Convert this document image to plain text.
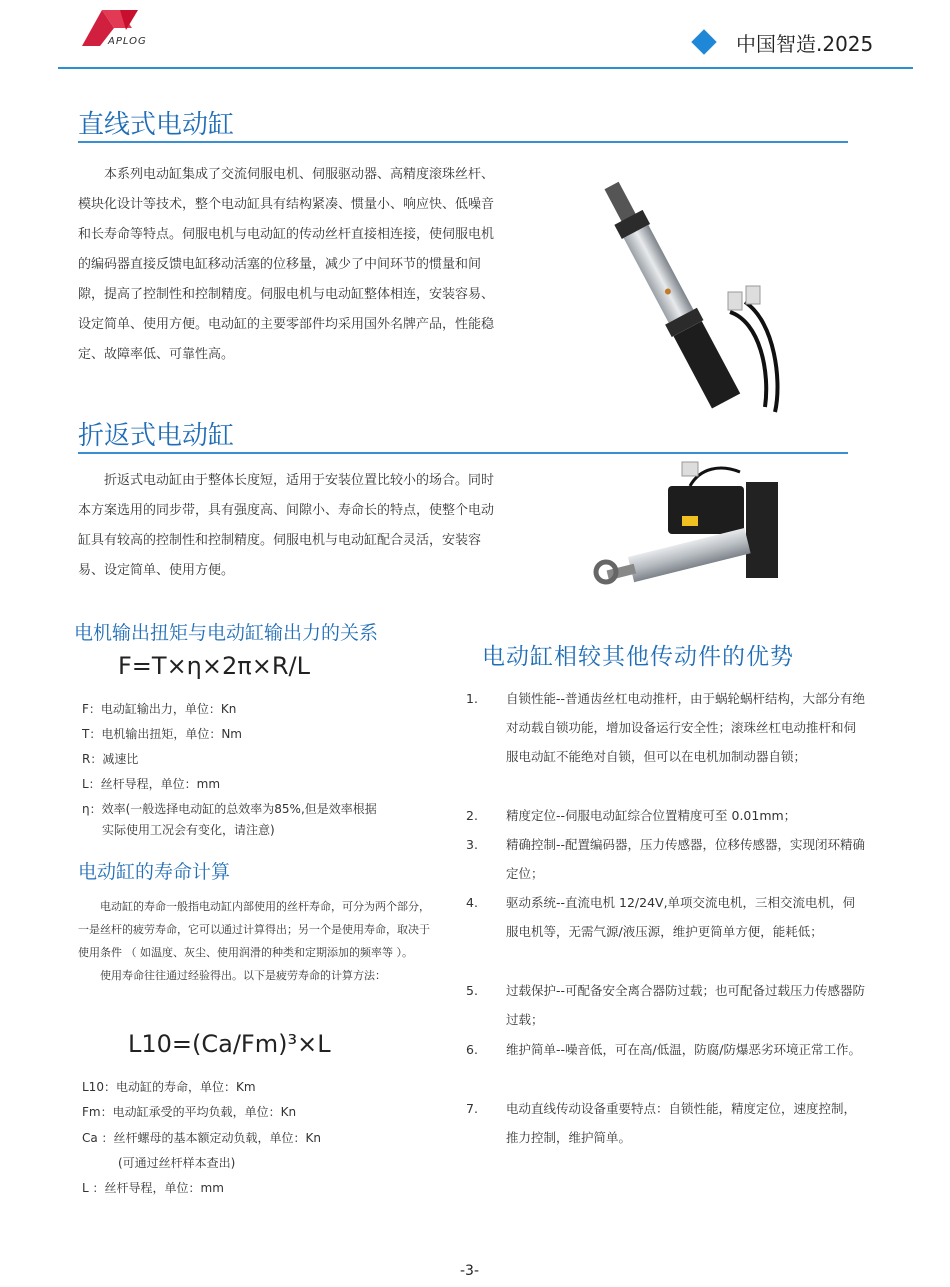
APLOG	中国智造.2025
直线式电动缸

本系列电动缸集成了交流伺服电机、伺服驱动器、高精度滚珠丝杆、模块化设计等技术，整个电动缸具有结构紧凑、惯量小、响应快、低噪音和长寿命等特点。伺服电机与电动缸的传动丝杆直接相连接，使伺服电机的编码器直接反馈电缸移动活塞的位移量，减少了中间环节的惯量和间隙，提高了控制性和控制精度。伺服电机与电动缸整体相连，安装容易、设定简单、使用方便。电动缸的主要零部件均采用国外名牌产品，性能稳定、故障率低、可靠性高。

折返式电动缸

折返式电动缸由于整体长度短，适用于安装位置比较小的场合。同时本方案选用的同步带，具有强度高、间隙小、寿命长的特点，使整个电动缸具有较高的控制性和控制精度。伺服电机与电动缸配合灵活，安装容易、设定简单、使用方便。

电机输出扭矩与电动缸输出力的关系
F=T×η×2π×R/L
F：电动缸输出力，单位：Kn
T：电机输出扭矩，单位：Nm
R：减速比
L：丝杆导程，单位：mm
η：效率(一般选择电动缸的总效率为85%,但是效率根据
实际使用工况会有变化，请注意)
电动缸的寿命计算

电动缸的寿命一般指电动缸内部使用的丝杆寿命，可分为两个部分，一是丝杆的疲劳寿命，它可以通过计算得出；另一个是使用寿命，取决于使用条件 （ 如温度、灰尘、使用润滑的种类和定期添加的频率等 ）。

使用寿命往往通过经验得出。以下是疲劳寿命的计算方法：

L10=(Ca/Fm)³×L
L10：电动缸的寿命，单位：Km
Fm：电动缸承受的平均负载，单位：Kn
Ca ：丝杆螺母的基本额定动负载，单位：Kn
(可通过丝杆样本查出)
L ：丝杆导程，单位：mm
电动缸相较其他传动件的优势
1.	自锁性能--普通齿丝杠电动推杆，由于蜗轮蜗杆结构，大部分有绝对动载自锁功能，增加设备运行安全性；滚珠丝杠电动推杆和伺服电动缸不能绝对自锁，但可以在电机加制动器自锁；
2.	精度定位--伺服电动缸综合位置精度可至 0.01mm；
3.	精确控制--配置编码器，压力传感器，位移传感器，实现闭环精确定位；
4.	驱动系统--直流电机 12/24V,单项交流电机，三相交流电机，伺服电机等，无需气源/液压源，维护更简单方便，能耗低；
5.	过载保护--可配备安全离合器防过载；也可配备过载压力传感器防过载；
6.	维护简单--噪音低，可在高/低温，防腐/防爆恶劣环境正常工作。
7.	电动直线传动设备重要特点：自锁性能，精度定位，速度控制，推力控制，维护简单。
-3-
